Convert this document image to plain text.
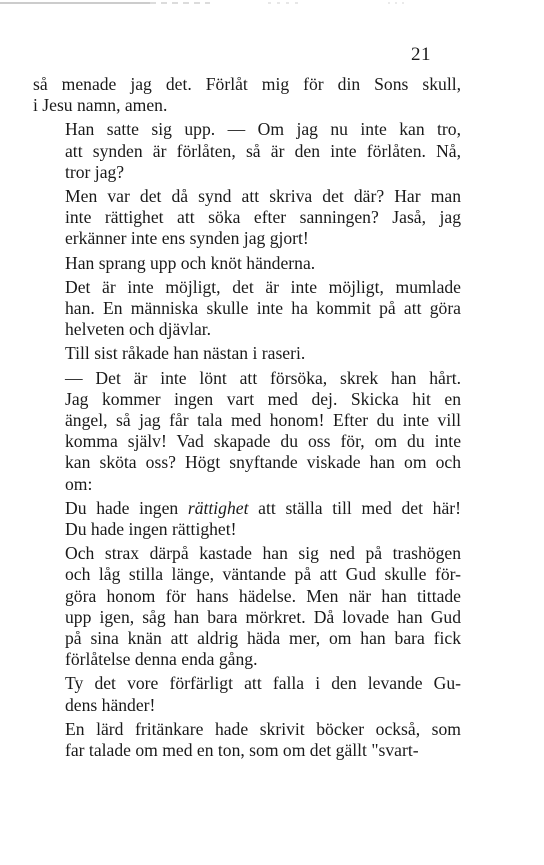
21
så menade jag det. Förlåt mig för din Sons skull,
i Jesu namn, amen.
Han satte sig upp. — Om jag nu inte kan tro,
att synden är förlåten, så är den inte förlåten. Nå,
tror jag?
Men var det då synd att skriva det där? Har man
inte rättighet att söka efter sanningen? Jaså, jag
erkänner inte ens synden jag gjort!
Han sprang upp och knöt händerna.
Det är inte möjligt, det är inte möjligt, mumlade
han. En människa skulle inte ha kommit på att göra
helveten och djävlar.
Till sist råkade han nästan i raseri.
— Det är inte lönt att försöka, skrek han hårt.
Jag kommer ingen vart med dej. Skicka hit en
ängel, så jag får tala med honom! Efter du inte vill
komma själv! Vad skapade du oss för, om du inte
kan sköta oss? Högt snyftande viskade han om och
om:
Du hade ingen rättighet att ställa till med det här!
Du hade ingen rättighet!
Och strax därpå kastade han sig ned på trashögen
och låg stilla länge, väntande på att Gud skulle för-
göra honom för hans hädelse. Men när han tittade
upp igen, såg han bara mörkret. Då lovade han Gud
på sina knän att aldrig häda mer, om han bara fick
förlåtelse denna enda gång.
Ty det vore förfärligt att falla i den levande Gu-
dens händer!
En lärd fritänkare hade skrivit böcker också, som
far talade om med en ton, som om det gällt "svart-
